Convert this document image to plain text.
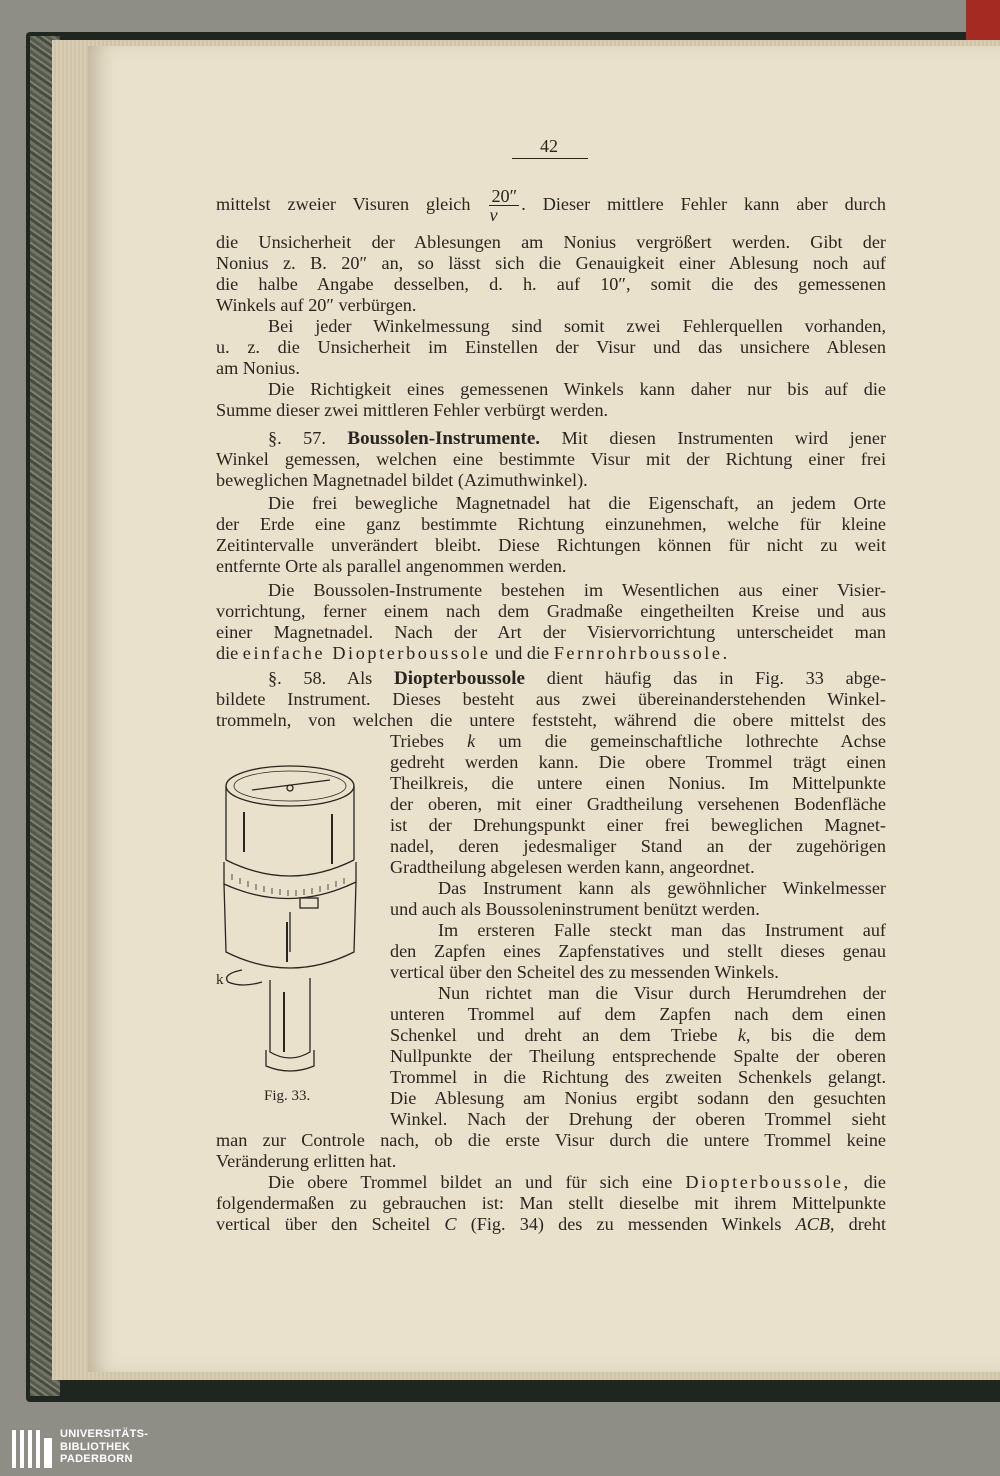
42
mittelst zweier Visuren gleich $\frac{20''}{v}$ . Dieser mittlere Fehler kann aber durch
die Unsicherheit der Ablesungen am Nonius vergrößert werden. Gibt der
Nonius z. B. 20″ an, so lässt sich die Genauigkeit einer Ablesung noch auf
die halbe Angabe desselben, d. h. auf 10″, somit die des gemessenen
Winkels auf 20″ verbürgen.
Bei jeder Winkelmessung sind somit zwei Fehlerquellen vorhanden,
u. z. die Unsicherheit im Einstellen der Visur und das unsichere Ablesen
am Nonius.
Die Richtigkeit eines gemessenen Winkels kann daher nur bis auf die
Summe dieser zwei mittleren Fehler verbürgt werden.
§. 57. Boussolen-Instrumente. Mit diesen Instrumenten wird jener
Winkel gemessen, welchen eine bestimmte Visur mit der Richtung einer frei
beweglichen Magnetnadel bildet (Azimuthwinkel).
Die frei bewegliche Magnetnadel hat die Eigenschaft, an jedem Orte
der Erde eine ganz bestimmte Richtung einzunehmen, welche für kleine
Zeitintervalle unverändert bleibt. Diese Richtungen können für nicht zu weit
entfernte Orte als parallel angenommen werden.
Die Boussolen-Instrumente bestehen im Wesentlichen aus einer Visier-
vorrichtung, ferner einem nach dem Gradmaße eingetheilten Kreise und aus
einer Magnetnadel. Nach der Art der Visiervorrichtung unterscheidet man
die einfache Diopterboussole und die Fernrohrboussole.
§. 58. Als Diopterboussole dient häufig das in Fig. 33 abge-
bildete Instrument. Dieses besteht aus zwei übereinanderstehenden Winkel-
trommeln, von welchen die untere feststeht, während die obere mittelst des
Triebes k um die gemeinschaftliche lothrechte Achse
gedreht werden kann. Die obere Trommel trägt einen
Theilkreis, die untere einen Nonius. Im Mittelpunkte
der oberen, mit einer Gradtheilung versehenen Bodenfläche
ist der Drehungspunkt einer frei beweglichen Magnet-
nadel, deren jedesmaliger Stand an der zugehörigen
Gradtheilung abgelesen werden kann, angeordnet.
Das Instrument kann als gewöhnlicher Winkelmesser
und auch als Boussoleninstrument benützt werden.
Im ersteren Falle steckt man das Instrument auf
den Zapfen eines Zapfenstatives und stellt dieses genau
vertical über den Scheitel des zu messenden Winkels.
Nun richtet man die Visur durch Herumdrehen der
unteren Trommel auf dem Zapfen nach dem einen
Schenkel und dreht an dem Triebe k, bis die dem
Nullpunkte der Theilung entsprechende Spalte der oberen
Trommel in die Richtung des zweiten Schenkels gelangt.
Die Ablesung am Nonius ergibt sodann den gesuchten
Winkel. Nach der Drehung der oberen Trommel sieht
man zur Controle nach, ob die erste Visur durch die untere Trommel keine
Veränderung erlitten hat.
Die obere Trommel bildet an und für sich eine Diopterboussole, die
folgendermaßen zu gebrauchen ist: Man stellt dieselbe mit ihrem Mittelpunkte
vertical über den Scheitel C (Fig. 34) des zu messenden Winkels ACB, dreht
k
Fig. 33.
UNIVERSITÄTS-
BIBLIOTHEK
PADERBORN
